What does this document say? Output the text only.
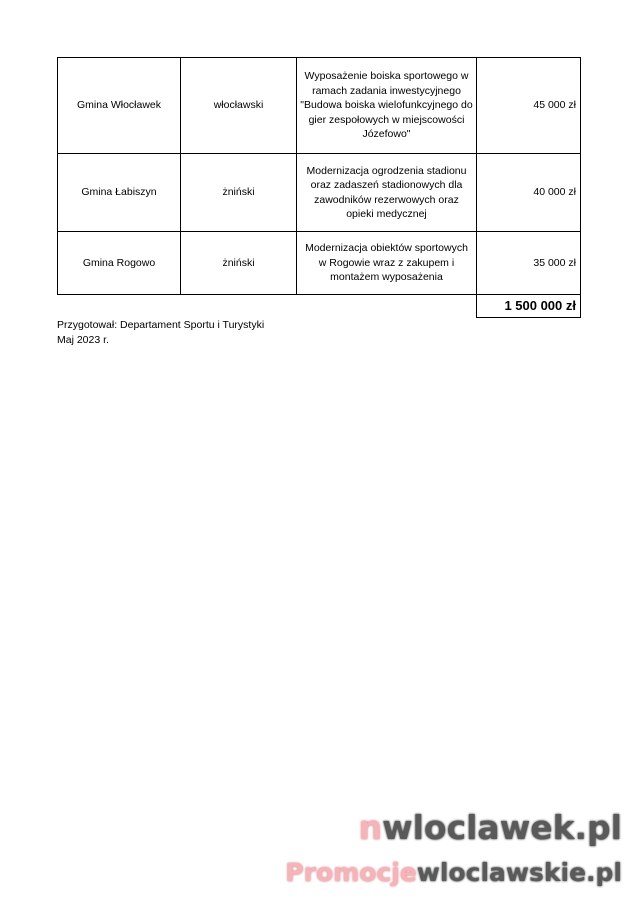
Gmina Włocławek	włocławski	Wyposażenie boiska sportowego w ramach zadania inwestycyjnego "Budowa boiska wielofunkcyjnego do gier zespołowych w miejscowości Józefowo"	45 000 zł
Gmina Łabiszyn	żniński	Modernizacja ogrodzenia stadionu oraz zadaszeń stadionowych dla zawodników rezerwowych oraz opieki medycznej	40 000 zł
Gmina Rogowo	żniński	Modernizacja obiektów sportowych w Rogowie wraz z zakupem i montażem wyposażenia	35 000 zł
			1 500 000 zł
Przygotował: Departament Sportu i Turystyki
Maj 2023 r.
nwloclawek.pl
Promocjewloclawskie.pl
